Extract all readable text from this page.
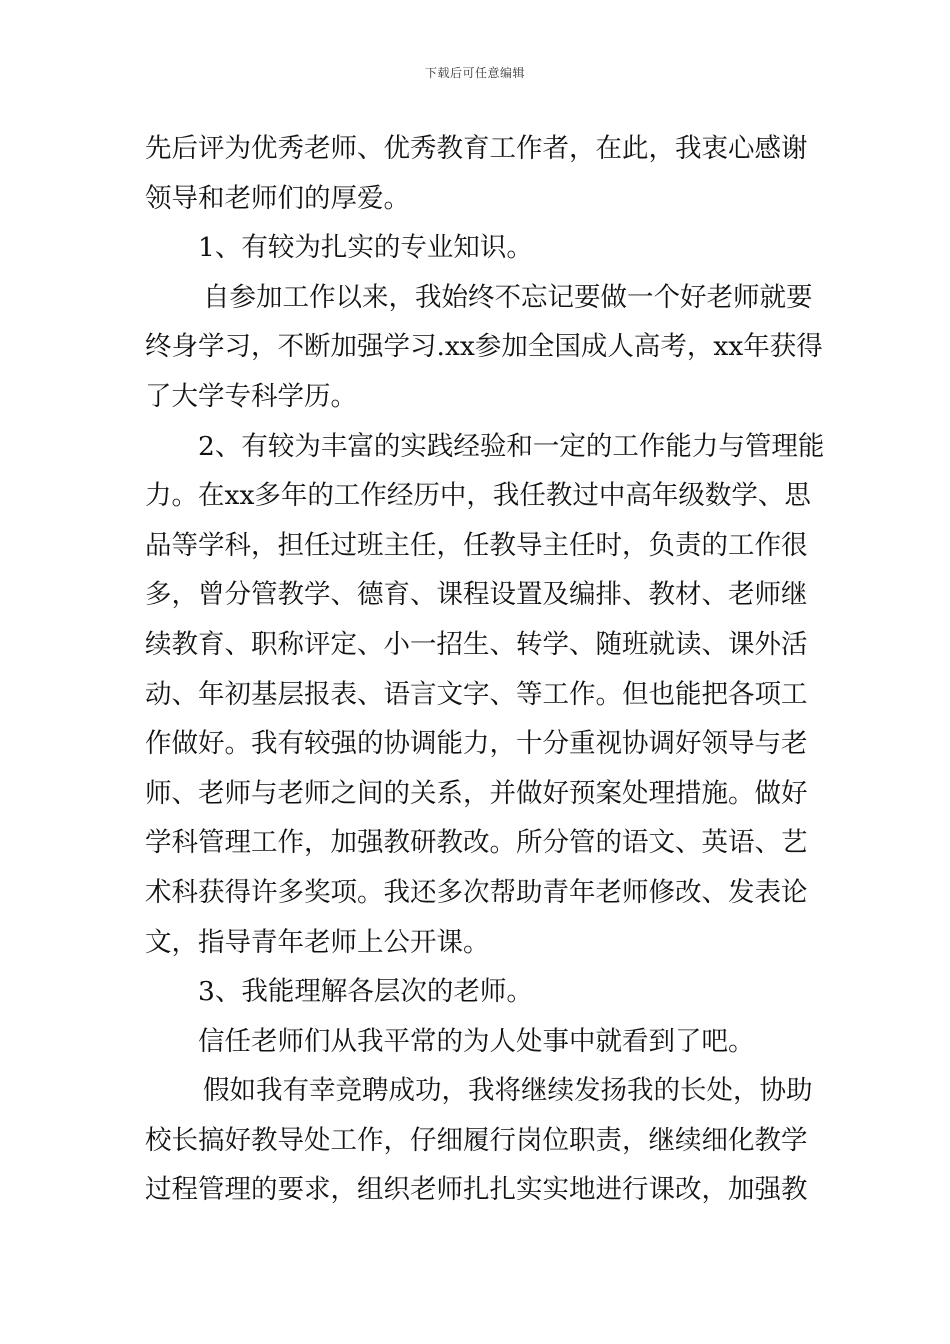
下载后可任意编辑
先后评为优秀老师、优秀教育工作者，在此，我衷心感谢
领导和老师们的厚爱。
1、有较为扎实的专业知识。
自参加工作以来，我始终不忘记要做一个好老师就要
终身学习，不断加强学习.xx参加全国成人高考，xx年获得
了大学专科学历。
2、有较为丰富的实践经验和一定的工作能力与管理能
力。在xx多年的工作经历中，我任教过中高年级数学、思
品等学科，担任过班主任，任教导主任时，负责的工作很
多，曾分管教学、德育、课程设置及编排、教材、老师继
续教育、职称评定、小一招生、转学、随班就读、课外活
动、年初基层报表、语言文字、等工作。但也能把各项工
作做好。我有较强的协调能力，十分重视协调好领导与老
师、老师与老师之间的关系，并做好预案处理措施。做好
学科管理工作，加强教研教改。所分管的语文、英语、艺
术科获得许多奖项。我还多次帮助青年老师修改、发表论
文，指导青年老师上公开课。
3、我能理解各层次的老师。
信任老师们从我平常的为人处事中就看到了吧。
假如我有幸竞聘成功，我将继续发扬我的长处，协助
校长搞好教导处工作，仔细履行岗位职责，继续细化教学
过程管理的要求，组织老师扎扎实实地进行课改，加强教
